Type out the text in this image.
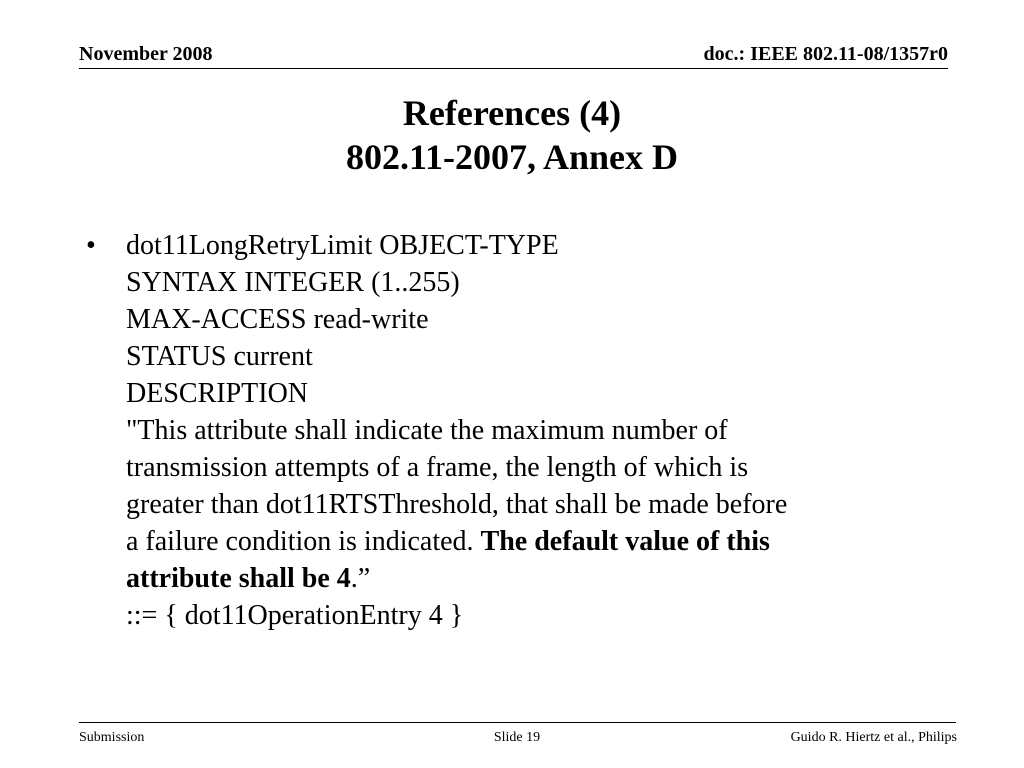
November 2008	doc.: IEEE 802.11-08/1357r0
References (4)
802.11-2007, Annex D
•	dot11LongRetryLimit OBJECT-TYPE
SYNTAX INTEGER (1..255)
MAX-ACCESS read-write
STATUS current
DESCRIPTION
"This attribute shall indicate the maximum number of
transmission attempts of a frame, the length of which is
greater than dot11RTSThreshold, that shall be made before
a failure condition is indicated. The default value of this
attribute shall be 4.”
::= { dot11OperationEntry 4 }
Submission	Slide 19	Guido R. Hiertz et al., Philips
